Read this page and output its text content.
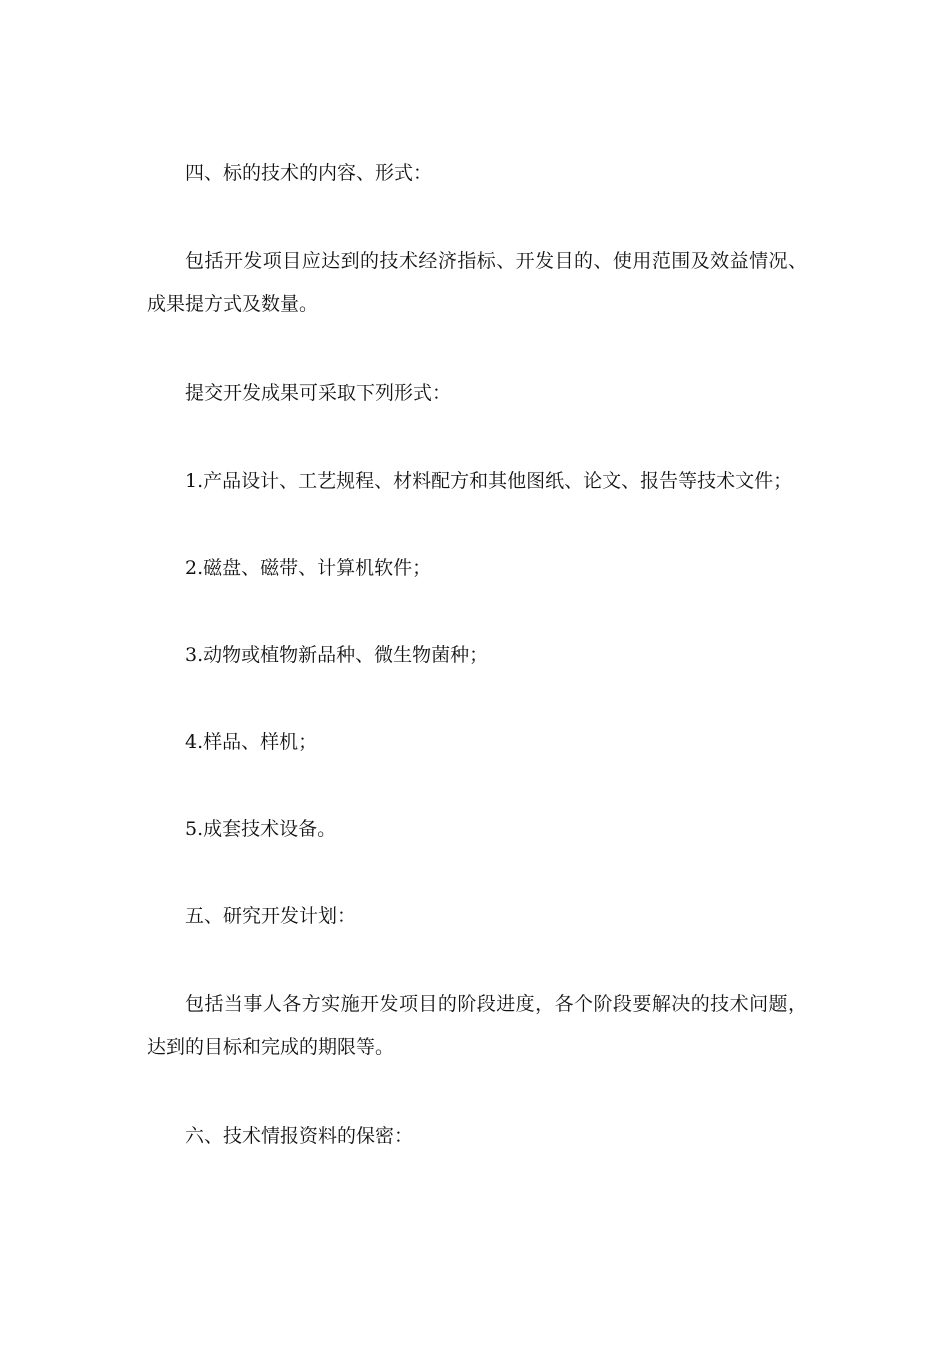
四、标的技术的内容、形式：

包括开发项目应达到的技术经济指标、开发目的、使用范围及效益情况、成果提方式及数量。

提交开发成果可采取下列形式：

1.产品设计、工艺规程、材料配方和其他图纸、论文、报告等技术文件；

2.磁盘、磁带、计算机软件；

3.动物或植物新品种、微生物菌种；

4.样品、样机；

5.成套技术设备。

五、研究开发计划：

包括当事人各方实施开发项目的阶段进度，各个阶段要解决的技术问题，达到的目标和完成的期限等。

六、技术情报资料的保密：
